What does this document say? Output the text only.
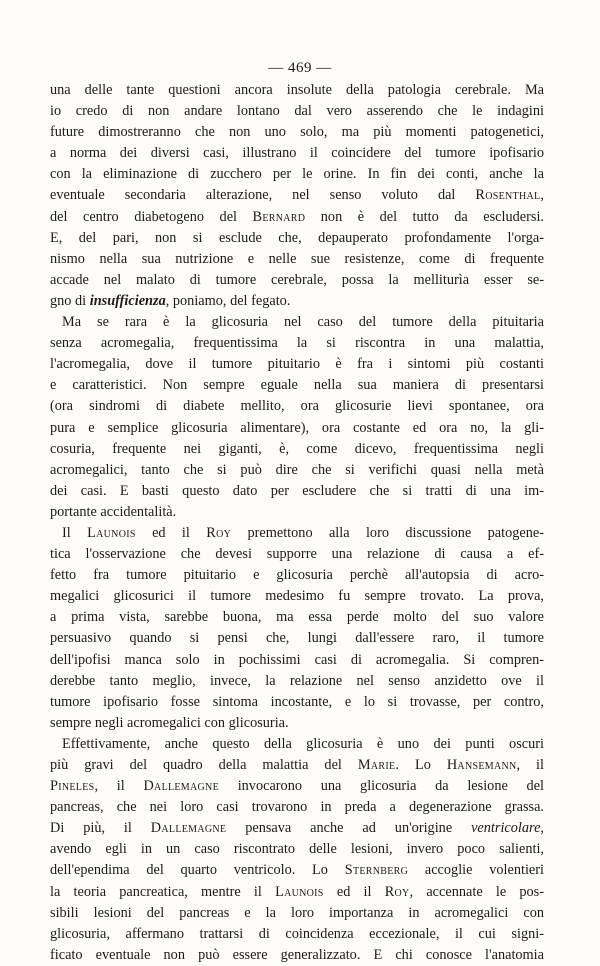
— 469 —
una delle tante questioni ancora insolute della patologia cerebrale. Ma
io credo di non andare lontano dal vero asserendo che le indagini
future dimostreranno che non uno solo, ma più momenti patogenetici,
a norma dei diversi casi, illustrano il coincidere del tumore ipofisario
con la eliminazione di zucchero per le orine. In fin dei conti, anche la
eventuale secondaria alterazione, nel senso voluto dal Rosenthal,
del centro diabetogeno del Bernard non è del tutto da escludersi.
E, del pari, non si esclude che, depauperato profondamente l'orga-
nismo nella sua nutrizione e nelle sue resistenze, come di frequente
accade nel malato di tumore cerebrale, possa la melliturìa esser se-
gno di insufficienza, poniamo, del fegato.
Ma se rara è la glicosuria nel caso del tumore della pituitaria
senza acromegalia, frequentissima la si riscontra in una malattia,
l'acromegalia, dove il tumore pituitario è fra i sintomi più costanti
e caratteristici. Non sempre eguale nella sua maniera di presentarsi
(ora sindromi di diabete mellito, ora glicosurie lievi spontanee, ora
pura e semplice glicosuria alimentare), ora costante ed ora no, la gli-
cosuria, frequente nei giganti, è, come dicevo, frequentissima negli
acromegalici, tanto che si può dire che si verifichi quasi nella metà
dei casi. E basti questo dato per escludere che si tratti di una im-
portante accidentalità.
Il Launois ed il Roy premettono alla loro discussione patogene-
tica l'osservazione che devesi supporre una relazione di causa a ef-
fetto fra tumore pituitario e glicosuria perchè all'autopsia di acro-
megalici glicosurici il tumore medesimo fu sempre trovato. La prova,
a prima vista, sarebbe buona, ma essa perde molto del suo valore
persuasivo quando si pensi che, lungi dall'essere raro, il tumore
dell'ipofisi manca solo in pochissimi casi di acromegalia. Si compren-
derebbe tanto meglio, invece, la relazione nel senso anzidetto ove il
tumore ipofisario fosse sintoma incostante, e lo si trovasse, per contro,
sempre negli acromegalici con glicosuria.
Effettivamente, anche questo della glicosuria è uno dei punti oscuri
più gravi del quadro della malattia del Marie. Lo Hansemann, il
Pineles, il Dallemagne invocarono una glicosuria da lesione del
pancreas, che nei loro casi trovarono in preda a degenerazione grassa.
Di più, il Dallemagne pensava anche ad un'origine ventricolare,
avendo egli in un caso riscontrato delle lesioni, invero poco salienti,
dell'ependima del quarto ventricolo. Lo Sternberg accoglie volentieri
la teoria pancreatica, mentre il Launois ed il Roy, accennate le pos-
sibili lesioni del pancreas e la loro importanza in acromegalici con
glicosuria, affermano trattarsi di coincidenza eccezionale, il cui signi-
ficato eventuale non può essere generalizzato. E chi conosce l'anatomia
